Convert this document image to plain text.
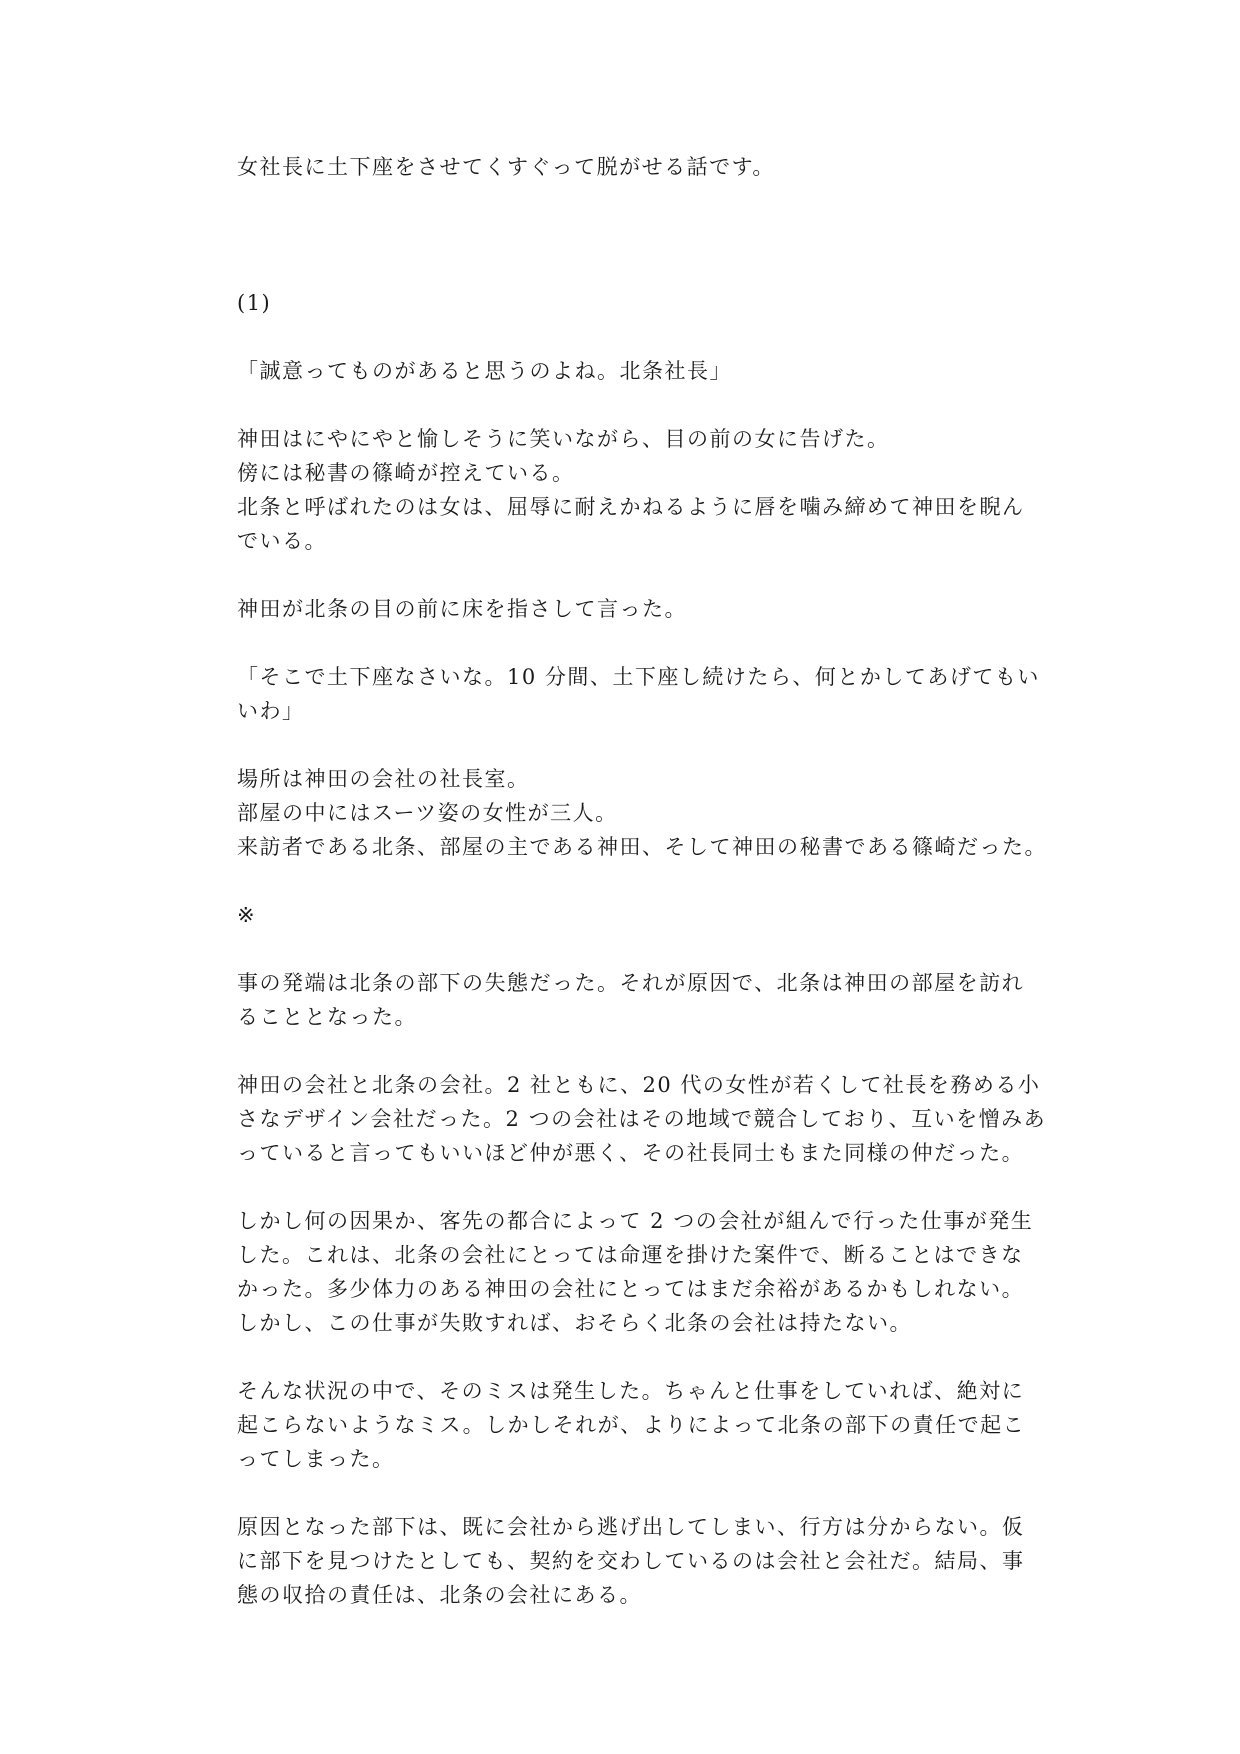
女社長に土下座をさせてくすぐって脱がせる話です。
(1)
「誠意ってものがあると思うのよね。北条社長」
神田はにやにやと愉しそうに笑いながら、目の前の女に告げた。
傍には秘書の篠崎が控えている。
北条と呼ばれたのは女は、屈辱に耐えかねるように唇を噛み締めて神田を睨ん
でいる。
神田が北条の目の前に床を指さして言った。
「そこで土下座なさいな。10 分間、土下座し続けたら、何とかしてあげてもい
いわ」
場所は神田の会社の社長室。
部屋の中にはスーツ姿の女性が三人。
来訪者である北条、部屋の主である神田、そして神田の秘書である篠崎だった。
※
事の発端は北条の部下の失態だった。それが原因で、北条は神田の部屋を訪れ
ることとなった。
神田の会社と北条の会社。2 社ともに、20 代の女性が若くして社長を務める小
さなデザイン会社だった。2 つの会社はその地域で競合しており、互いを憎みあ
っていると言ってもいいほど仲が悪く、その社長同士もまた同様の仲だった。
しかし何の因果か、客先の都合によって 2 つの会社が組んで行った仕事が発生
した。これは、北条の会社にとっては命運を掛けた案件で、断ることはできな
かった。多少体力のある神田の会社にとってはまだ余裕があるかもしれない。
しかし、この仕事が失敗すれば、おそらく北条の会社は持たない。
そんな状況の中で、そのミスは発生した。ちゃんと仕事をしていれば、絶対に
起こらないようなミス。しかしそれが、よりによって北条の部下の責任で起こ
ってしまった。
原因となった部下は、既に会社から逃げ出してしまい、行方は分からない。仮
に部下を見つけたとしても、契約を交わしているのは会社と会社だ。結局、事
態の収拾の責任は、北条の会社にある。
